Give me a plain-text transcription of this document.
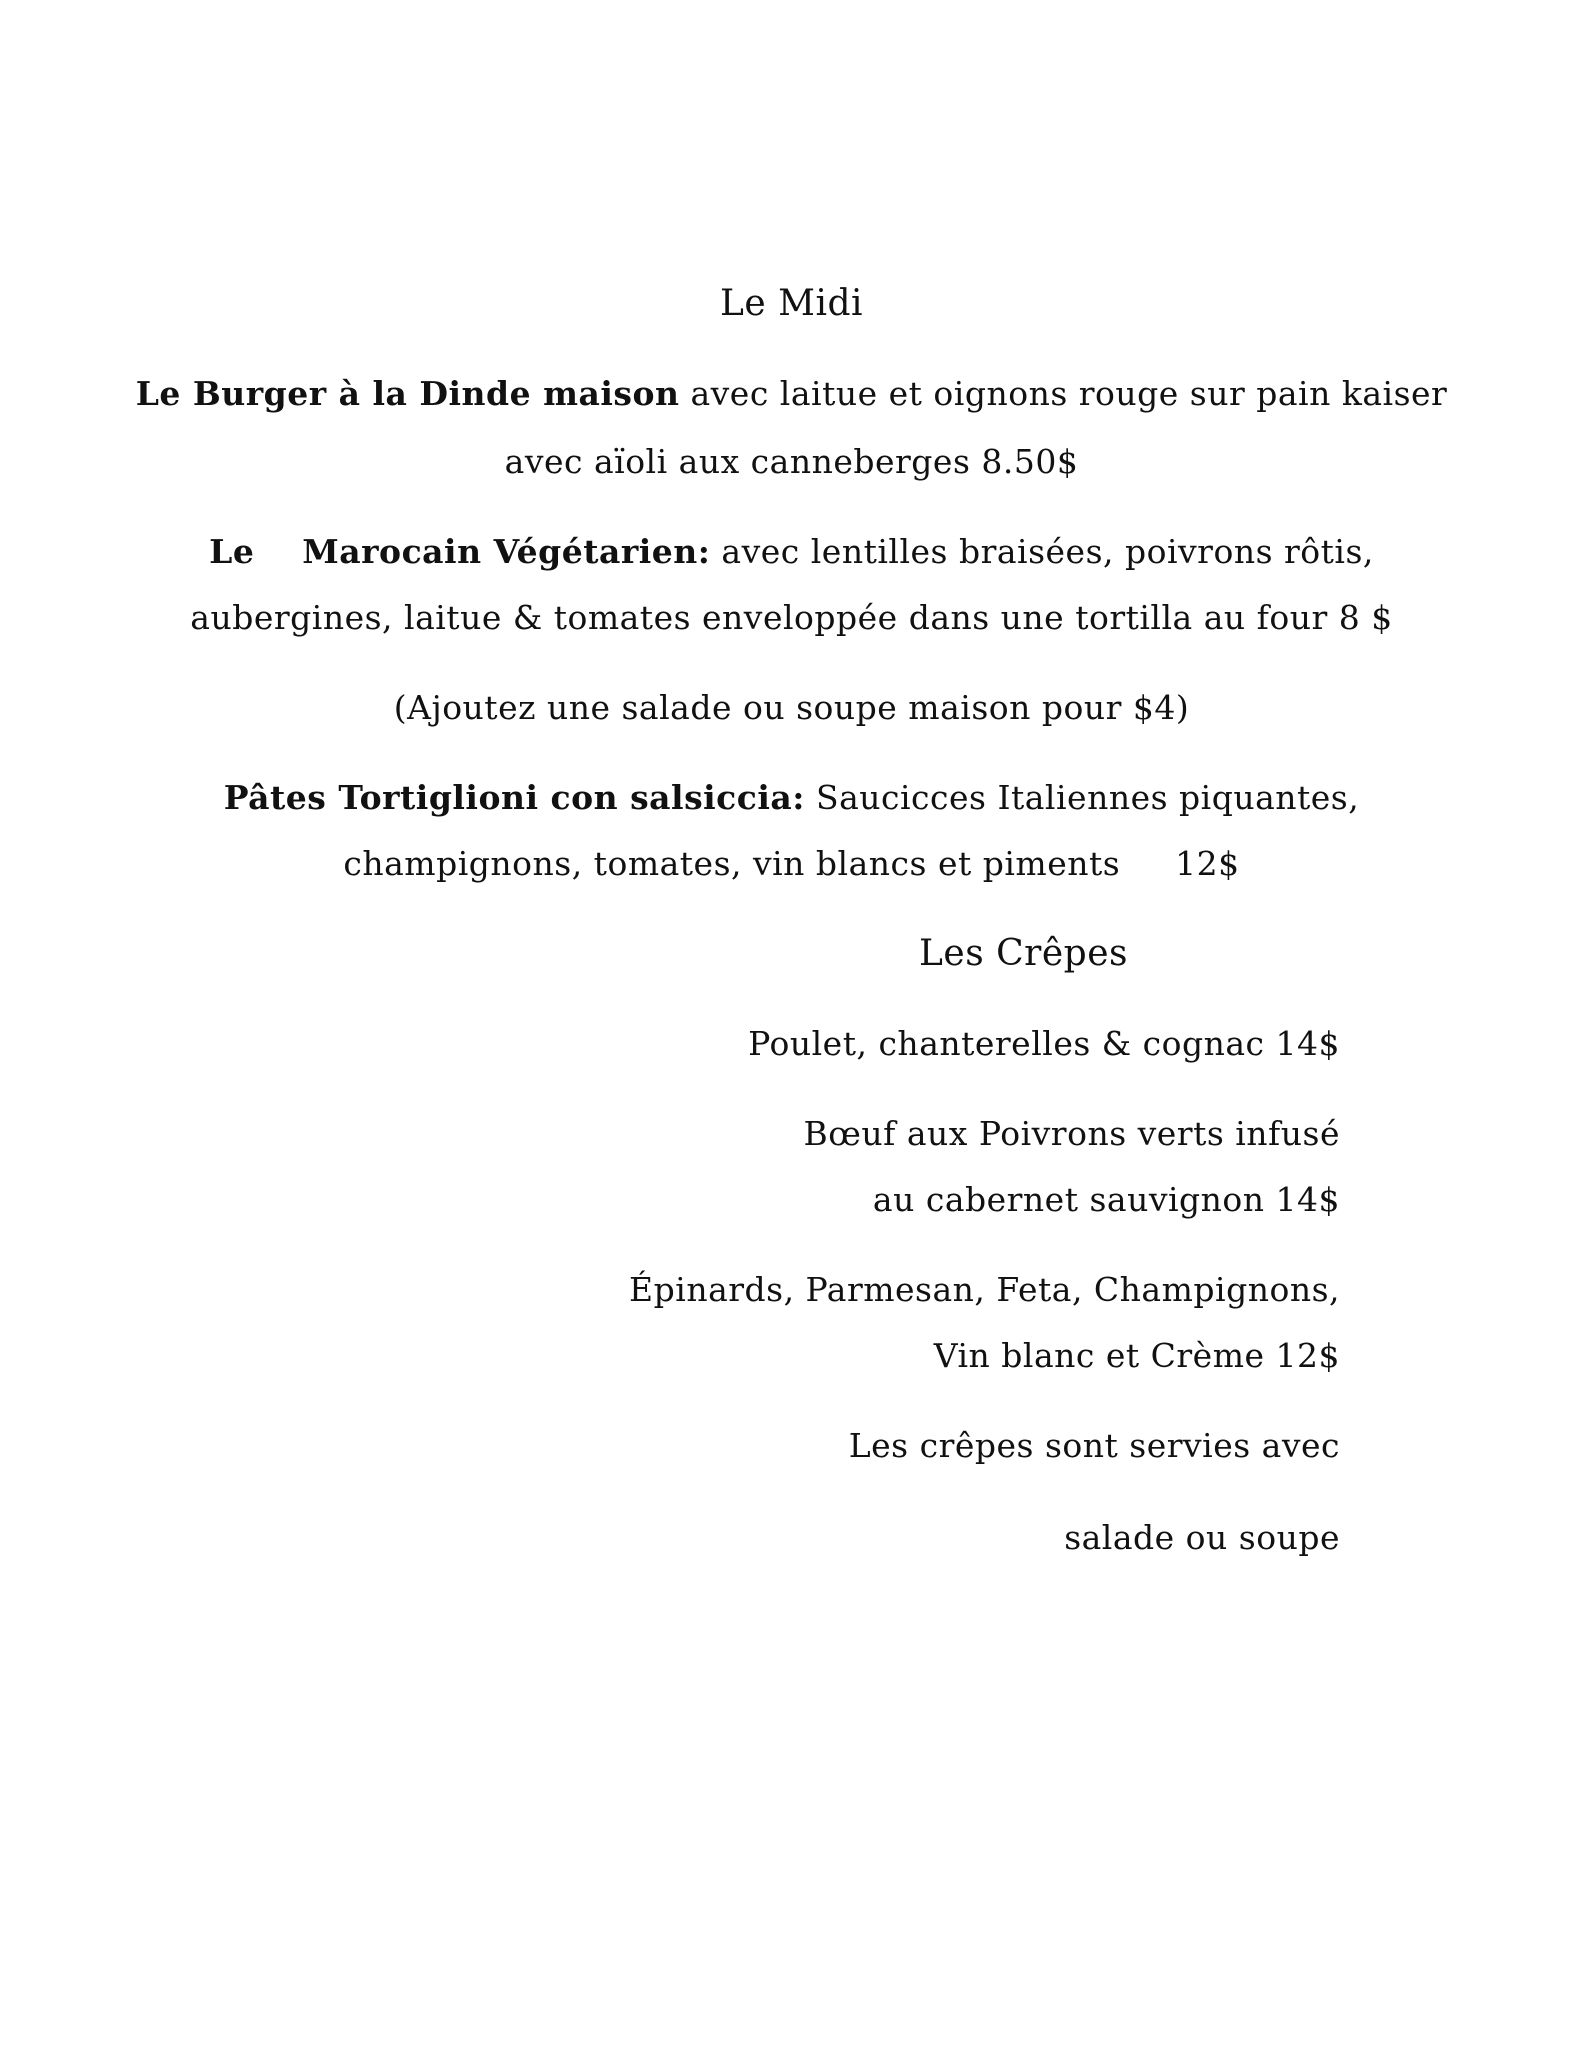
Le Midi
Le Burger à la Dinde maison avec laitue et oignons rouge sur pain kaiser
avec aïoli aux canneberges 8.50$
Le    Marocain Végétarien: avec lentilles braisées, poivrons rôtis,
aubergines, laitue & tomates enveloppée dans une tortilla au four 8 $
(Ajoutez une salade ou soupe maison pour $4)
Pâtes Tortiglioni con salsiccia: Saucicces Italiennes piquantes,
champignons, tomates, vin blancs et piments     12$
Les Crêpes
Poulet, chanterelles & cognac 14$
Bœuf aux Poivrons verts infusé
au cabernet sauvignon 14$
Épinards, Parmesan, Feta, Champignons,
Vin blanc et Crème 12$
Les crêpes sont servies avec
salade ou soupe
